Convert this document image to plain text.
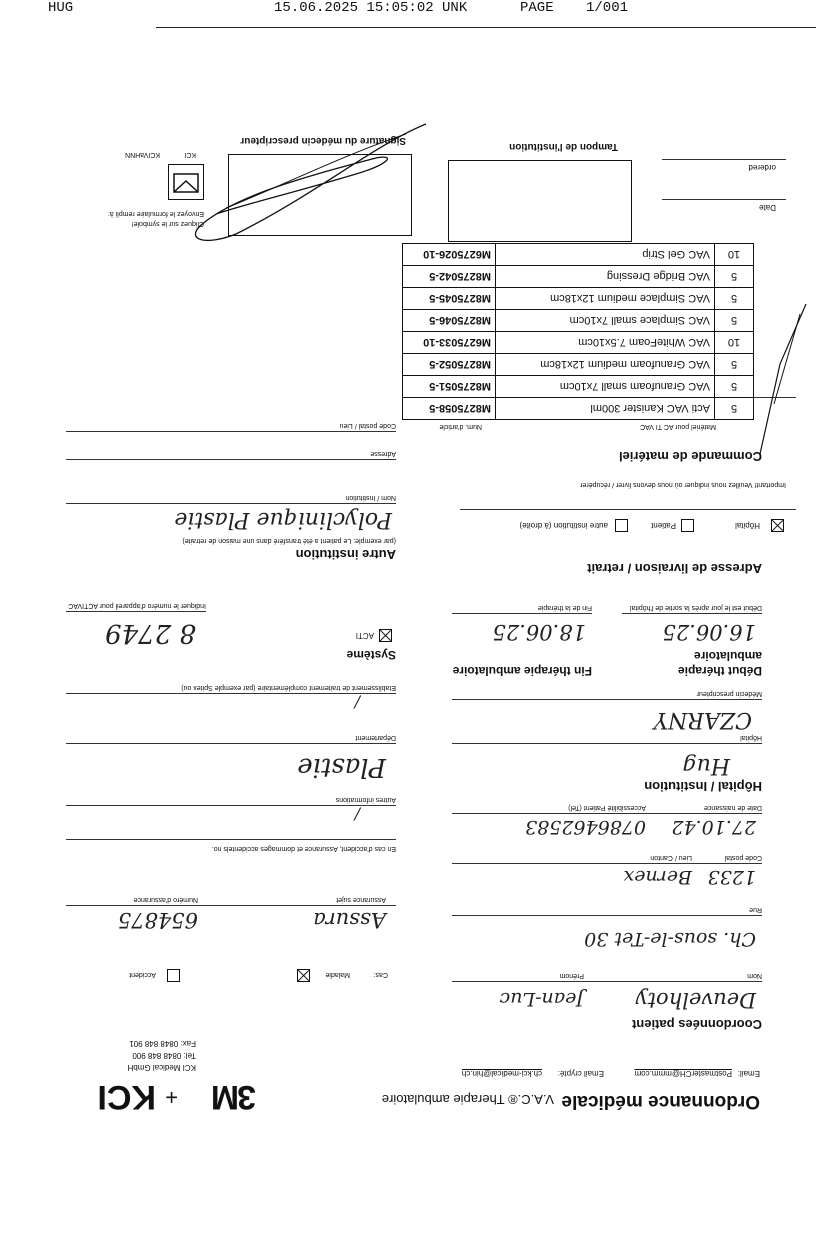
HUG	15.06.2025 15:05:02 UNK	PAGE 1/001
Ordonnance médicale
V.A.C.® Therapie ambulatoire
Email:
PostmasterCH@mmm.com
Email crypté:
ch.kci-medical@hin.ch
3M
+
KCI
KCI Medical GmbH
Tel: 0848 848 900
Fax: 0848 848 901
Coordonnées patient
Deuvelhoty
Jean-Luc
Nom
Prénom
Cas:
Maladie
Accident
Ch. sous-le-Tet 30
Rue
Assura
654875
Assurance sujet
Numéro d'assurance
1233
Bernex
Code postal
Lieu / Canton
En cas d'accident, Assurance et dommages accidentels no.
27.10.42
0786462583
Date de naissance
Accessibilité Patient (Tel)
/
Autres informations
Hôpital / Institution
Hug
Hôpital
Plastie
Département
CZARNY
Médecin prescripteur
/
Etablissement de traitement complémentaire (par exemple Spitex ou)
Début thérapie ambulatoire
Fin thérapie ambulatoire
16.06.25
18.06.25
Début est le jour après la sortie de l'hôpital
Fin de la thérapie
Système
ACTI
8 2749
Indiquer le numéro d'appareil pour ACTIVAC
Adresse de livraison / retrait
Hôpital
Patient
autre institution (à droite)
Autre institution
(par exemple: Le patient a été transféré dans une maison de retraite)
Polyclinique Plastie
Nom / Institution
Important! Veuillez nous indiquer où nous devons livrer / récupérer
Commande de matériel
Adresse
Code postal / Lieu	Matériel pour AC TI VAC
Num. d'article
5	Acti VAC Kanister 300ml	M8275058-5
5	VAC Granufoam small 7x10cm	M8275051-5
5	VAC Granufoam medium 12x18cm	M8275052-5
10	VAC WhiteFoam 7.5x10cm	M6275033-10
5	VAC Simplace small 7x10cm	M8275046-5
5	VAC Simplace medium 12x18cm	M8275045-5
5	VAC Bridge Dressing	M8275042-5
10	VAC Gel Strip	M6275026-10
Date
ordered
Tampon de l'institution
Signature du médecin prescripteur
Cliquez sur le symbole! Envoyez le formulaire rempli à:
KCI
KCIVaHNN
